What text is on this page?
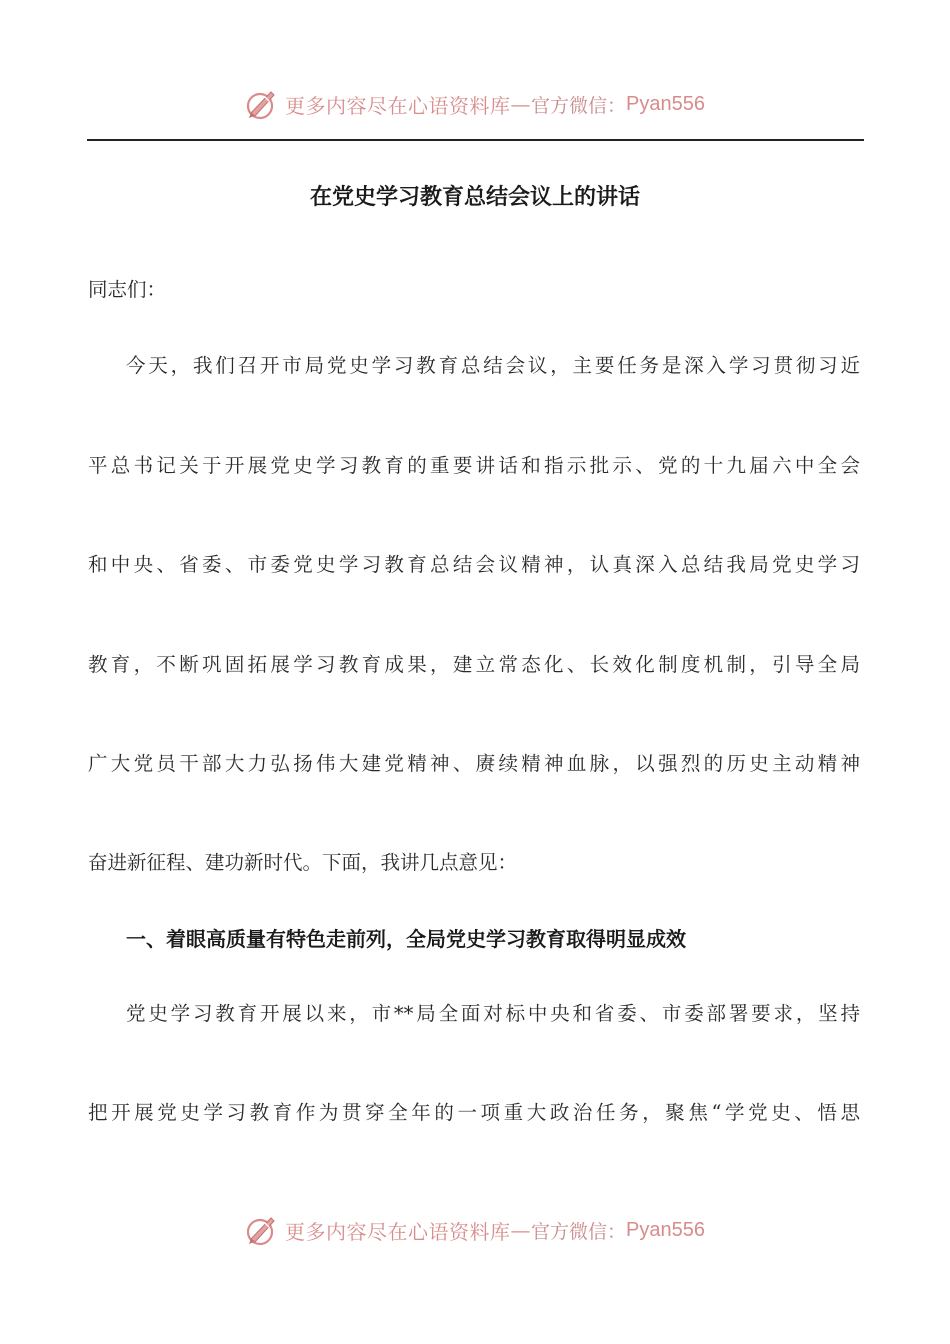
更多内容尽在心语资料库 — 官方微信： Pyan556
在党史学习教育总结会议上的讲话
同志们：
今天，我们召开市局党史学习教育总结会议，主要任务是深入学习贯彻习近
平总书记关于开展党史学习教育的重要讲话和指示批示、党的十九届六中全会
和中央、省委、市委党史学习教育总结会议精神，认真深入总结我局党史学习
教育，不断巩固拓展学习教育成果，建立常态化、长效化制度机制，引导全局
广大党员干部大力弘扬伟大建党精神、赓续精神血脉，以强烈的历史主动精神
奋进新征程、建功新时代。下面，我讲几点意见：
一、着眼高质量有特色走前列，全局党史学习教育取得明显成效
党史学习教育开展以来，市**局全面对标中央和省委、市委部署要求，坚持
把开展党史学习教育作为贯穿全年的一项重大政治任务，聚焦“学党史、悟思
更多内容尽在心语资料库 — 官方微信： Pyan556
